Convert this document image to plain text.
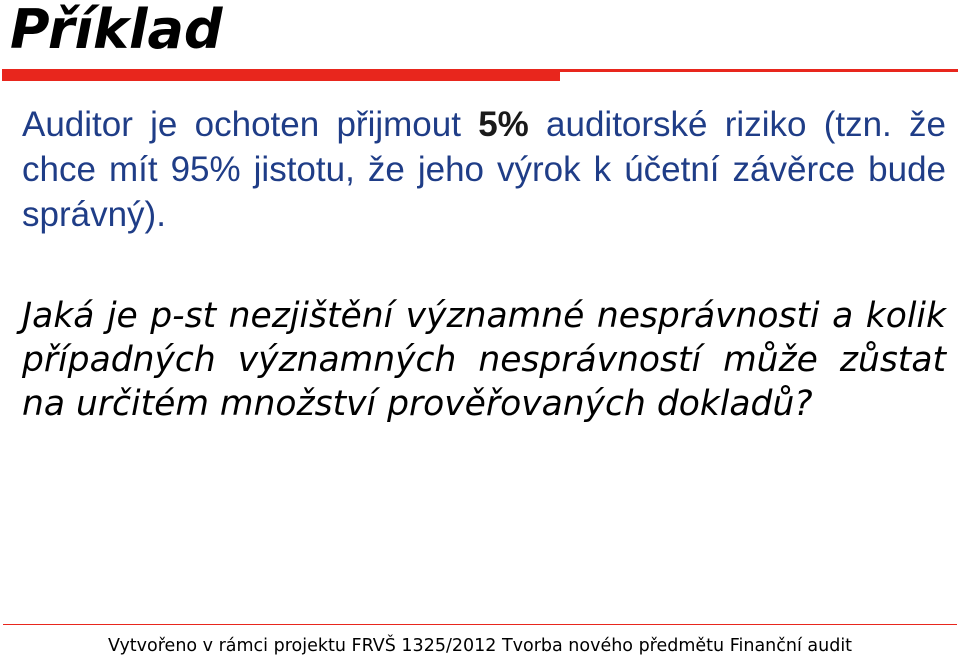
Příklad
Auditor je ochoten přijmout 5% auditorské riziko (tzn. že chce mít 95% jistotu, že jeho výrok k účetní závěrce bude správný).
Jaká je p-st nezjištění významné nesprávnosti a kolik případných významných nesprávností může zůstat na určitém množství prověřovaných dokladů?
Vytvořeno v rámci projektu FRVŠ 1325/2012 Tvorba nového předmětu Finanční audit
